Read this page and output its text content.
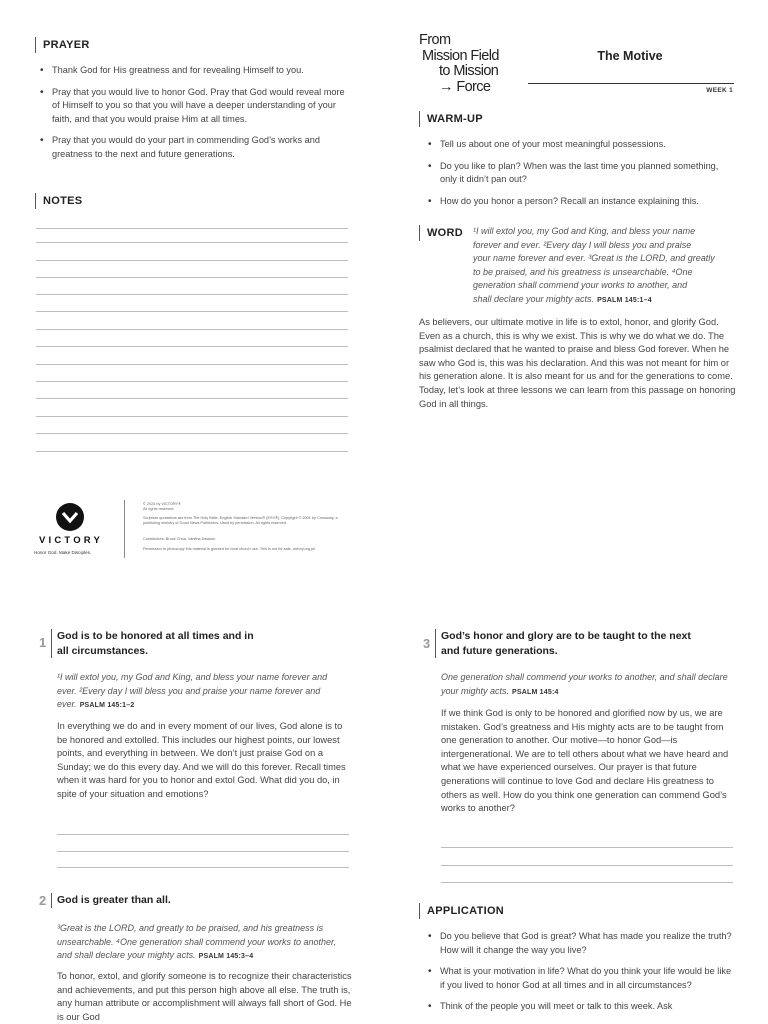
PRAYER
• Thank God for His greatness and for revealing Himself to you.
• Pray that you would live to honor God. Pray that God would reveal more of Himself to you so that you will have a deeper understanding of your faith, and that you would praise Him at all times.
• Pray that you would do your part in commending God’s works and greatness to the next and future generations.
NOTES
From
Mission Field
to Mission
→ Force
The Motive
WEEK 1
WARM-UP
• Tell us about one of your most meaningful possessions.
• Do you like to plan? When was the last time you planned something, only it didn’t pan out?
• How do you honor a person? Recall an instance explaining this.
WORD ¹I will extol you, my God and King, and bless your name
forever and ever. ²Every day I will bless you and praise
your name forever and ever. ³Great is the LORD, and greatly
to be praised, and his greatness is unsearchable. ⁴One
generation shall commend your works to another, and
shall declare your mighty acts. PSALM 145:1–4
As believers, our ultimate motive in life is to extol, honor, and glorify God. Even as a church, this is why we exist. This is why we do what we do. The psalmist declared that he wanted to praise and bless God forever. When he saw who God is, this was his declaration. And this was not meant for him or his generation alone. It is also meant for us and for the generations to come. Today, let’s look at three lessons we can learn from this passage on honoring God in all things.
VICTORY
Honor God. Make Disciples.
© 2024 by VICTORY®
All rights reserved.
Scripture quotations are from The Holy Bible, English Standard Version® (ESV®), Copyright © 2001 by Crossway, a publishing ministry of Good News Publishers. Used by permission. All rights reserved.
Contributors: Bruce Chua, Vanitha Dawson
Permission to photocopy this material is granted for local church use. This is not for sale. victory.org.ph
1 God is to be honored at all times and in
all circumstances.
¹I will extol you, my God and King, and bless your name forever and ever. ²Every day I will bless you and praise your name forever and ever. PSALM 145:1–2
In everything we do and in every moment of our lives, God alone is to be honored and extolled. This includes our highest points, our lowest points, and everything in between. We don’t just praise God on a Sunday; we do this every day. And we will do this forever. Recall times when it was hard for you to honor and extol God. What did you do, in spite of your situation and emotions?
2	God is greater than all.
³Great is the LORD, and greatly to be praised, and his greatness is unsearchable. ⁴One generation shall commend your works to another, and shall declare your mighty acts. PSALM 145:3–4
To honor, extol, and glorify someone is to recognize their characteristics and achievements, and put this person high above all else. The truth is, any human attribute or accomplishment will always fall short of God. He is our God
3 God’s honor and glory are to be taught to the next
and future generations.
One generation shall commend your works to another, and shall declare your mighty acts. PSALM 145:4
If we think God is only to be honored and glorified now by us, we are mistaken. God’s greatness and His mighty acts are to be taught from one generation to another. Our motive—to honor God—is intergenerational. We are to tell others about what we have heard and what we have experienced ourselves. Our prayer is that future generations will continue to love God and declare His greatness to others as well. How do you think one generation can commend God’s works to another?
APPLICATION
• Do you believe that God is great? What has made you realize the truth? How will it change the way you live?
• What is your motivation in life? What do you think your life would be like if you lived to honor God at all times and in all circumstances?
• Think of the people you will meet or talk to this week. Ask
